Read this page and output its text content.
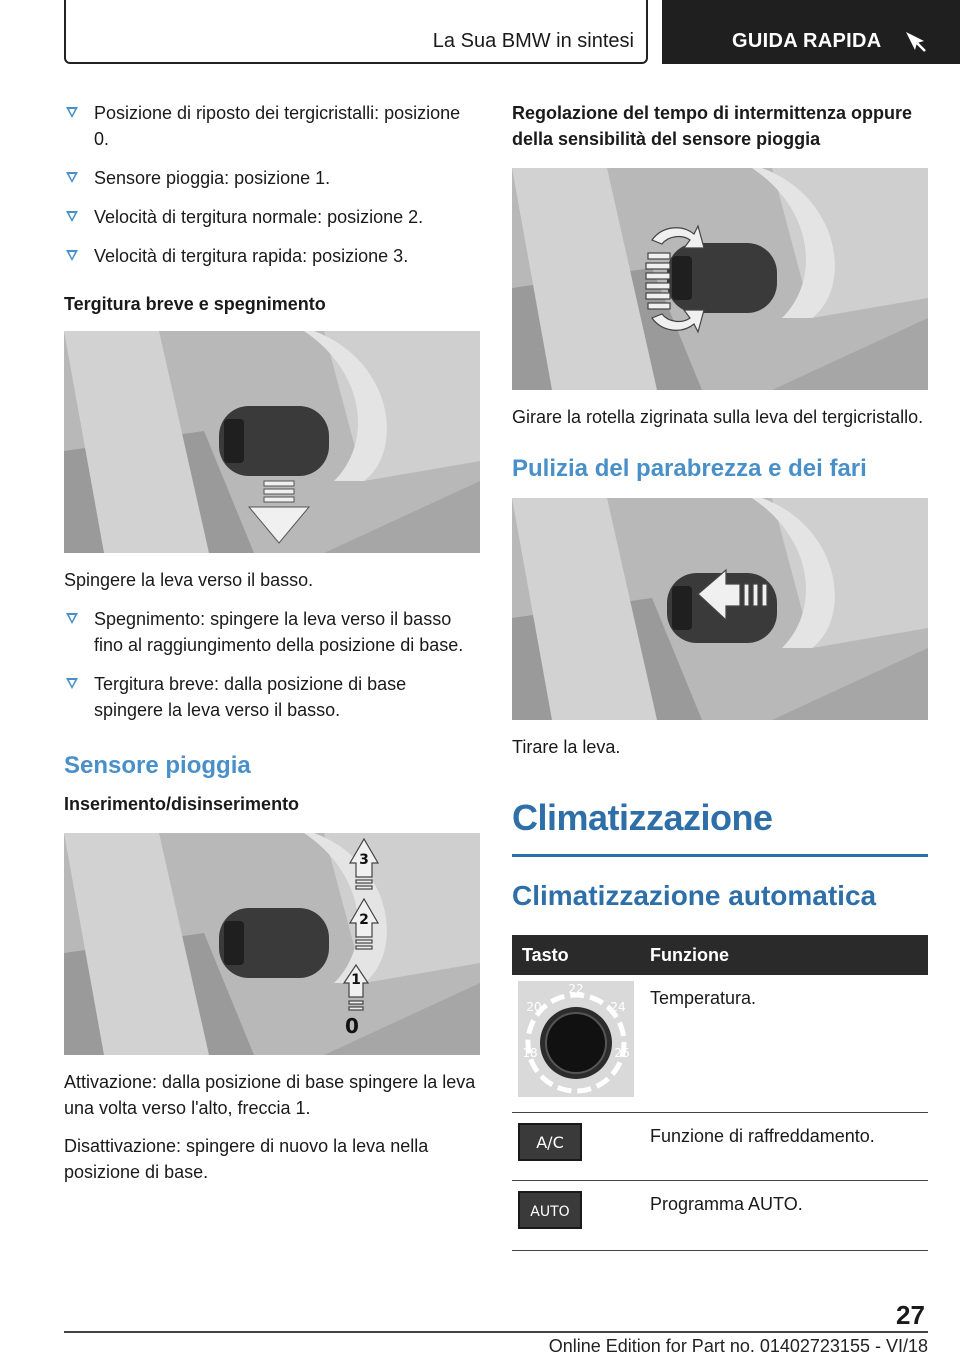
La Sua BMW in sintesi	GUIDA RAPIDA
Posizione di riposto dei tergicristalli: posizione 0.
Sensore pioggia: posizione 1.
Velocità di tergitura normale: posizione 2.
Velocità di tergitura rapida: posizione 3.
Tergitura breve e spegnimento

Spingere la leva verso il basso.

Spegnimento: spingere la leva verso il basso fino al raggiungimento della posizione di base.
Tergitura breve: dalla posizione di base spingere la leva verso il basso.
Sensore pioggia
Inserimento/disinserimento
3
2
1
0

Attivazione: dalla posizione di base spingere la leva una volta verso l'alto, freccia 1.

Disattivazione: spingere di nuovo la leva nella posizione di base.

Regolazione del tempo di intermittenza oppure della sensibilità del sensore pioggia

Girare la rotella zigrinata sulla leva del tergicristallo.

Pulizia del parabrezza e dei fari

Tirare la leva.

Climatizzazione
Climatizzazione automatica
Tasto	Funzione

18
20
22
24
26	Temperatura.

A/C	Funzione di raffreddamento.

AUTO	Programma AUTO.
27
Online Edition for Part no. 01402723155 - VI/18
